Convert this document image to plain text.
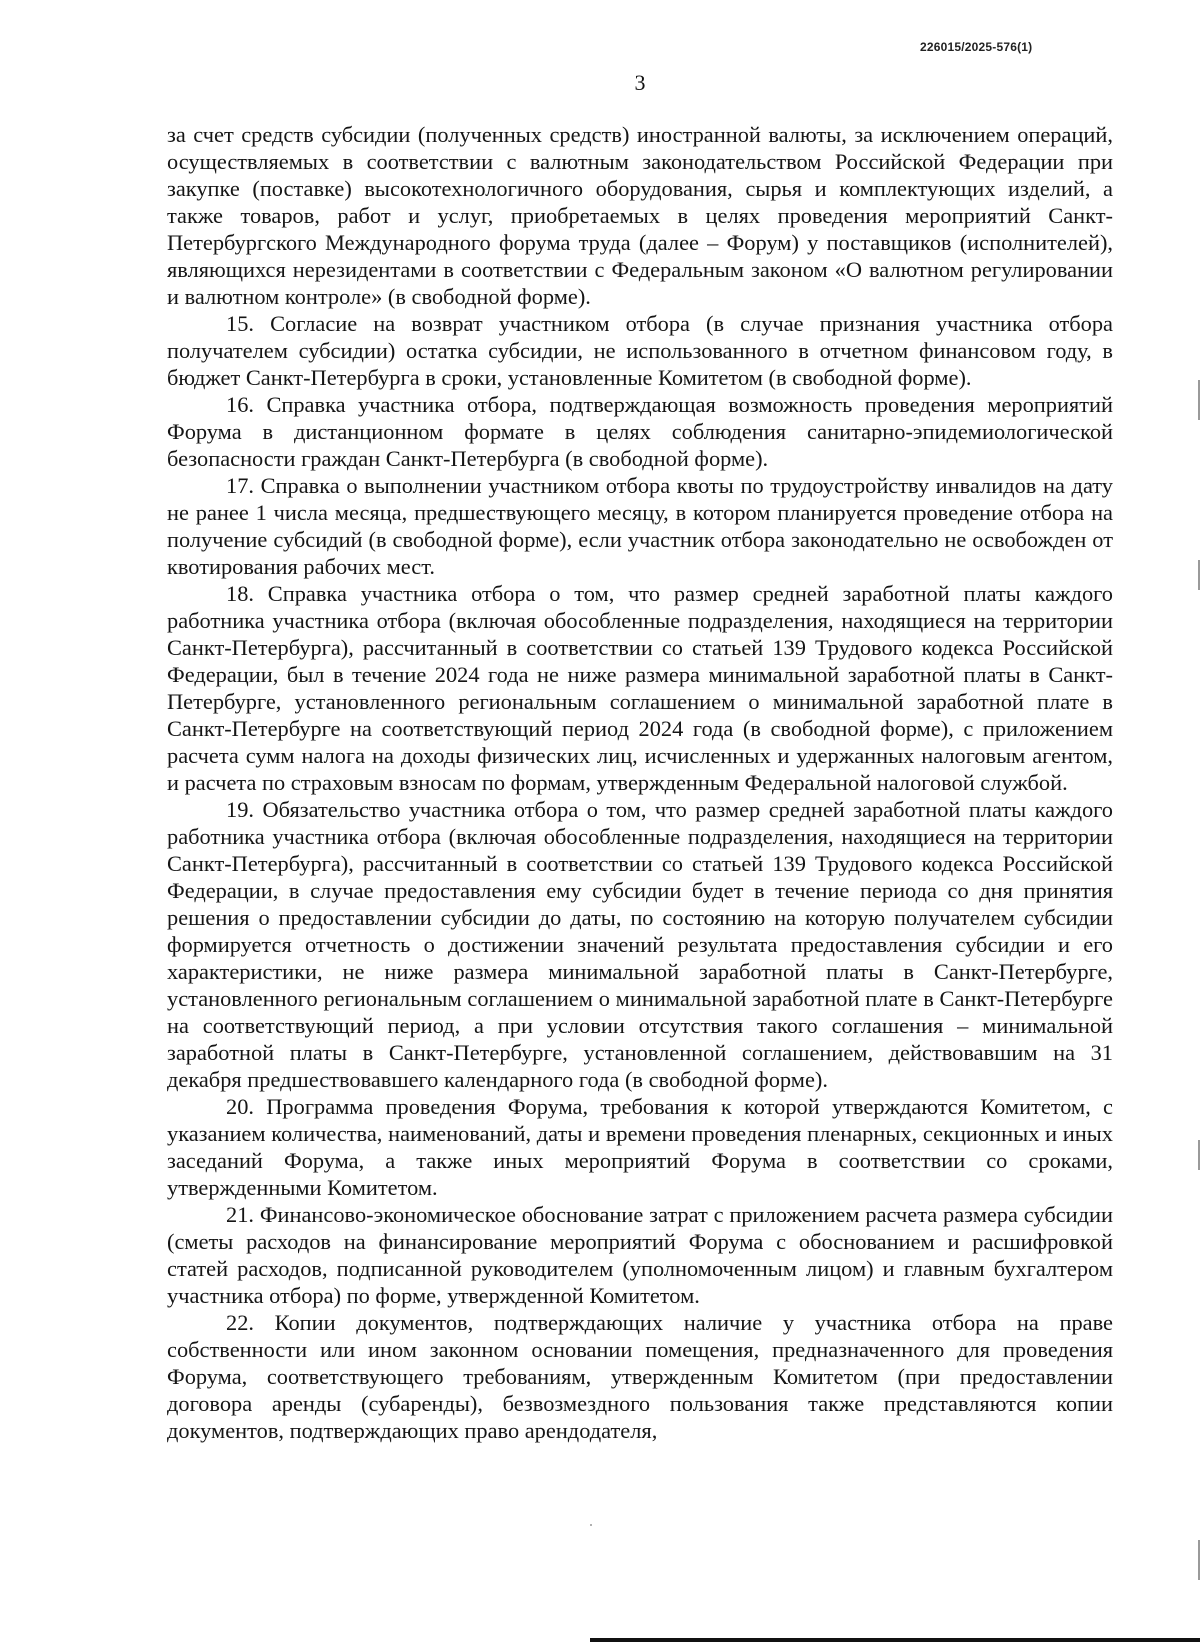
226015/2025-576(1)
3

за счет средств субсидии (полученных средств) иностранной валюты, за исключением операций, осуществляемых в соответствии с валютным законодательством Российской Федерации при закупке (поставке) высокотехнологичного оборудования, сырья и комплектующих изделий, а также товаров, работ и услуг, приобретаемых в целях проведения мероприятий Санкт-Петербургского Международного форума труда (далее – Форум) у поставщиков (исполнителей), являющихся нерезидентами в соответствии с Федеральным законом «О валютном регулировании и валютном контроле» (в свободной форме).

15. Согласие на возврат участником отбора (в случае признания участника отбора получателем субсидии) остатка субсидии, не использованного в отчетном финансовом году, в бюджет Санкт-Петербурга в сроки, установленные Комитетом (в свободной форме).

16. Справка участника отбора, подтверждающая возможность проведения мероприятий Форума в дистанционном формате в целях соблюдения санитарно-эпидемиологической безопасности граждан Санкт-Петербурга (в свободной форме).

17. Справка о выполнении участником отбора квоты по трудоустройству инвалидов на дату не ранее 1 числа месяца, предшествующего месяцу, в котором планируется проведение отбора на получение субсидий (в свободной форме), если участник отбора законодательно не освобожден от квотирования рабочих мест.

18. Справка участника отбора о том, что размер средней заработной платы каждого работника участника отбора (включая обособленные подразделения, находящиеся на территории Санкт-Петербурга), рассчитанный в соответствии со статьей 139 Трудового кодекса Российской Федерации, был в течение 2024 года не ниже размера минимальной заработной платы в Санкт-Петербурге, установленного региональным соглашением о минимальной заработной плате в Санкт-Петербурге на соответствующий период 2024 года (в свободной форме), с приложением расчета сумм налога на доходы физических лиц, исчисленных и удержанных налоговым агентом, и расчета по страховым взносам по формам, утвержденным Федеральной налоговой службой.

19. Обязательство участника отбора о том, что размер средней заработной платы каждого работника участника отбора (включая обособленные подразделения, находящиеся на территории Санкт-Петербурга), рассчитанный в соответствии со статьей 139 Трудового кодекса Российской Федерации, в случае предоставления ему субсидии будет в течение периода со дня принятия решения о предоставлении субсидии до даты, по состоянию на которую получателем субсидии формируется отчетность о достижении значений результата предоставления субсидии и его характеристики, не ниже размера минимальной заработной платы в Санкт-Петербурге, установленного региональным соглашением о минимальной заработной плате в Санкт-Петербурге на соответствующий период, а при условии отсутствия такого соглашения – минимальной заработной платы в Санкт-Петербурге, установленной соглашением, действовавшим на 31 декабря предшествовавшего календарного года (в свободной форме).

20. Программа проведения Форума, требования к которой утверждаются Комитетом, с указанием количества, наименований, даты и времени проведения пленарных, секционных и иных заседаний Форума, а также иных мероприятий Форума в соответствии со сроками, утвержденными Комитетом.

21. Финансово-экономическое обоснование затрат с приложением расчета размера субсидии (сметы расходов на финансирование мероприятий Форума с обоснованием и расшифровкой статей расходов, подписанной руководителем (уполномоченным лицом) и главным бухгалтером участника отбора) по форме, утвержденной Комитетом.

22. Копии документов, подтверждающих наличие у участника отбора на праве собственности или ином законном основании помещения, предназначенного для проведения Форума, соответствующего требованиям, утвержденным Комитетом (при предоставлении договора аренды (субаренды), безвозмездного пользования также представляются копии документов, подтверждающих право арендодателя,
